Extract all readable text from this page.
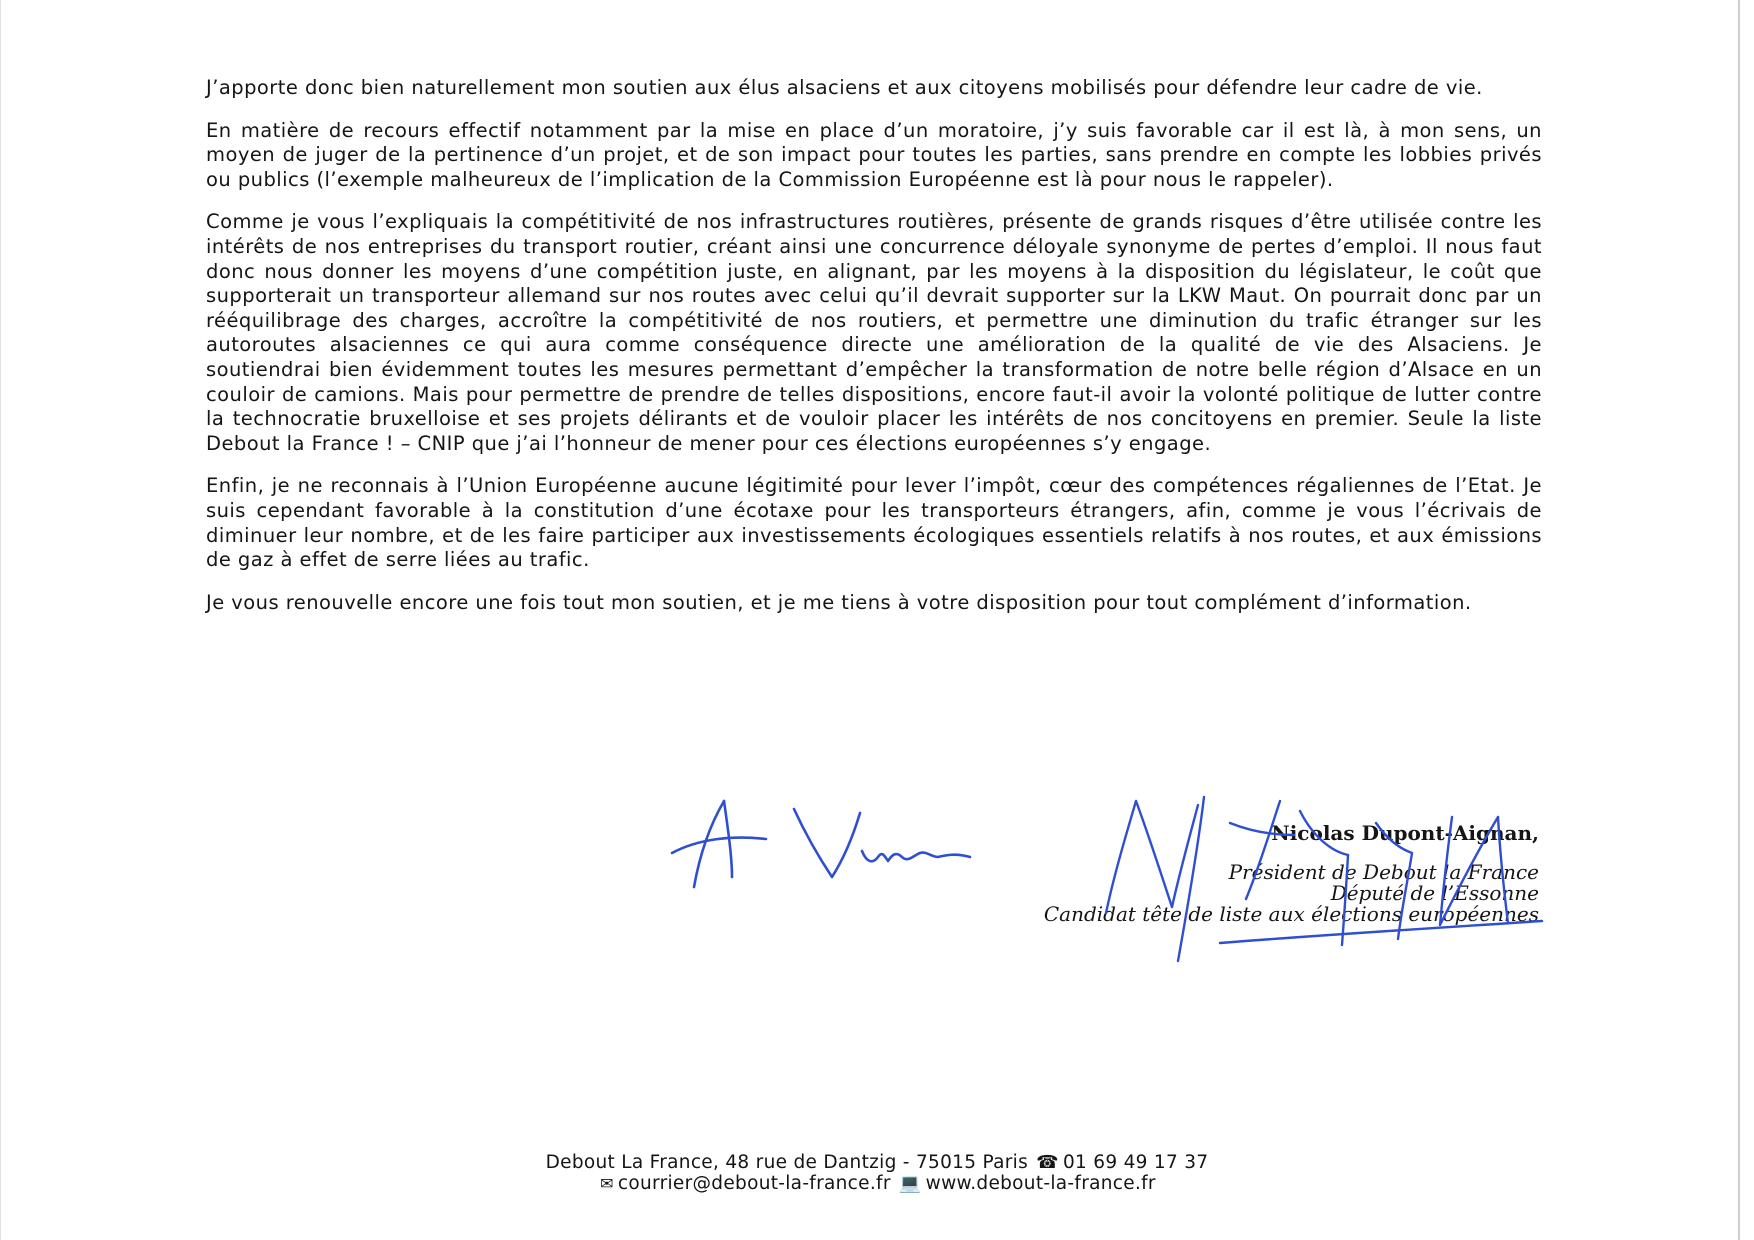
J’apporte donc bien naturellement mon soutien aux élus alsaciens et aux citoyens mobilisés pour défendre leur cadre de vie.

En matière de recours effectif notamment par la mise en place d’un moratoire, j’y suis favorable car il est là, à mon sens, un moyen de juger de la pertinence d’un projet, et de son impact pour toutes les parties, sans prendre en compte les lobbies privés ou publics (l’exemple malheureux de l’implication de la Commission Européenne est là pour nous le rappeler).

Comme je vous l’expliquais la compétitivité de nos infrastructures routières, présente de grands risques d’être utilisée contre les intérêts de nos entreprises du transport routier, créant ainsi une concurrence déloyale synonyme de pertes d’emploi. Il nous faut donc nous donner les moyens d’une compétition juste, en alignant, par les moyens à la disposition du législateur, le coût que supporterait un transporteur allemand sur nos routes avec celui qu’il devrait supporter sur la LKW Maut. On pourrait donc par un rééquilibrage des charges, accroître la compétitivité de nos routiers, et permettre une diminution du trafic étranger sur les autoroutes alsaciennes ce qui aura comme conséquence directe une amélioration de la qualité de vie des Alsaciens. Je soutiendrai bien évidemment toutes les mesures permettant d’empêcher la transformation de notre belle région d’Alsace en un couloir de camions. Mais pour permettre de prendre de telles dispositions, encore faut-il avoir la volonté politique de lutter contre la technocratie bruxelloise et ses projets délirants et de vouloir placer les intérêts de nos concitoyens en premier. Seule la liste Debout la France ! – CNIP que j’ai l’honneur de mener pour ces élections européennes s’y engage.

Enfin, je ne reconnais à l’Union Européenne aucune légitimité pour lever l’impôt, cœur des compétences régaliennes de l’Etat. Je suis cependant favorable à la constitution d’une écotaxe pour les transporteurs étrangers, afin, comme je vous l’écrivais de diminuer leur nombre, et de les faire participer aux investissements écologiques essentiels relatifs à nos routes, et aux émissions de gaz à effet de serre liées au trafic.

Je vous renouvelle encore une fois tout mon soutien, et je me tiens à votre disposition pour tout complément d’information.

Nicolas Dupont-Aignan,
Président de Debout la France
Député de l’Essonne
Candidat tête de liste aux élections européennes
Debout La France, 48 rue de Dantzig - 75015 Paris ☎ 01 69 49 17 37
✉ courrier@debout-la-france.fr 💻 www.debout-la-france.fr
